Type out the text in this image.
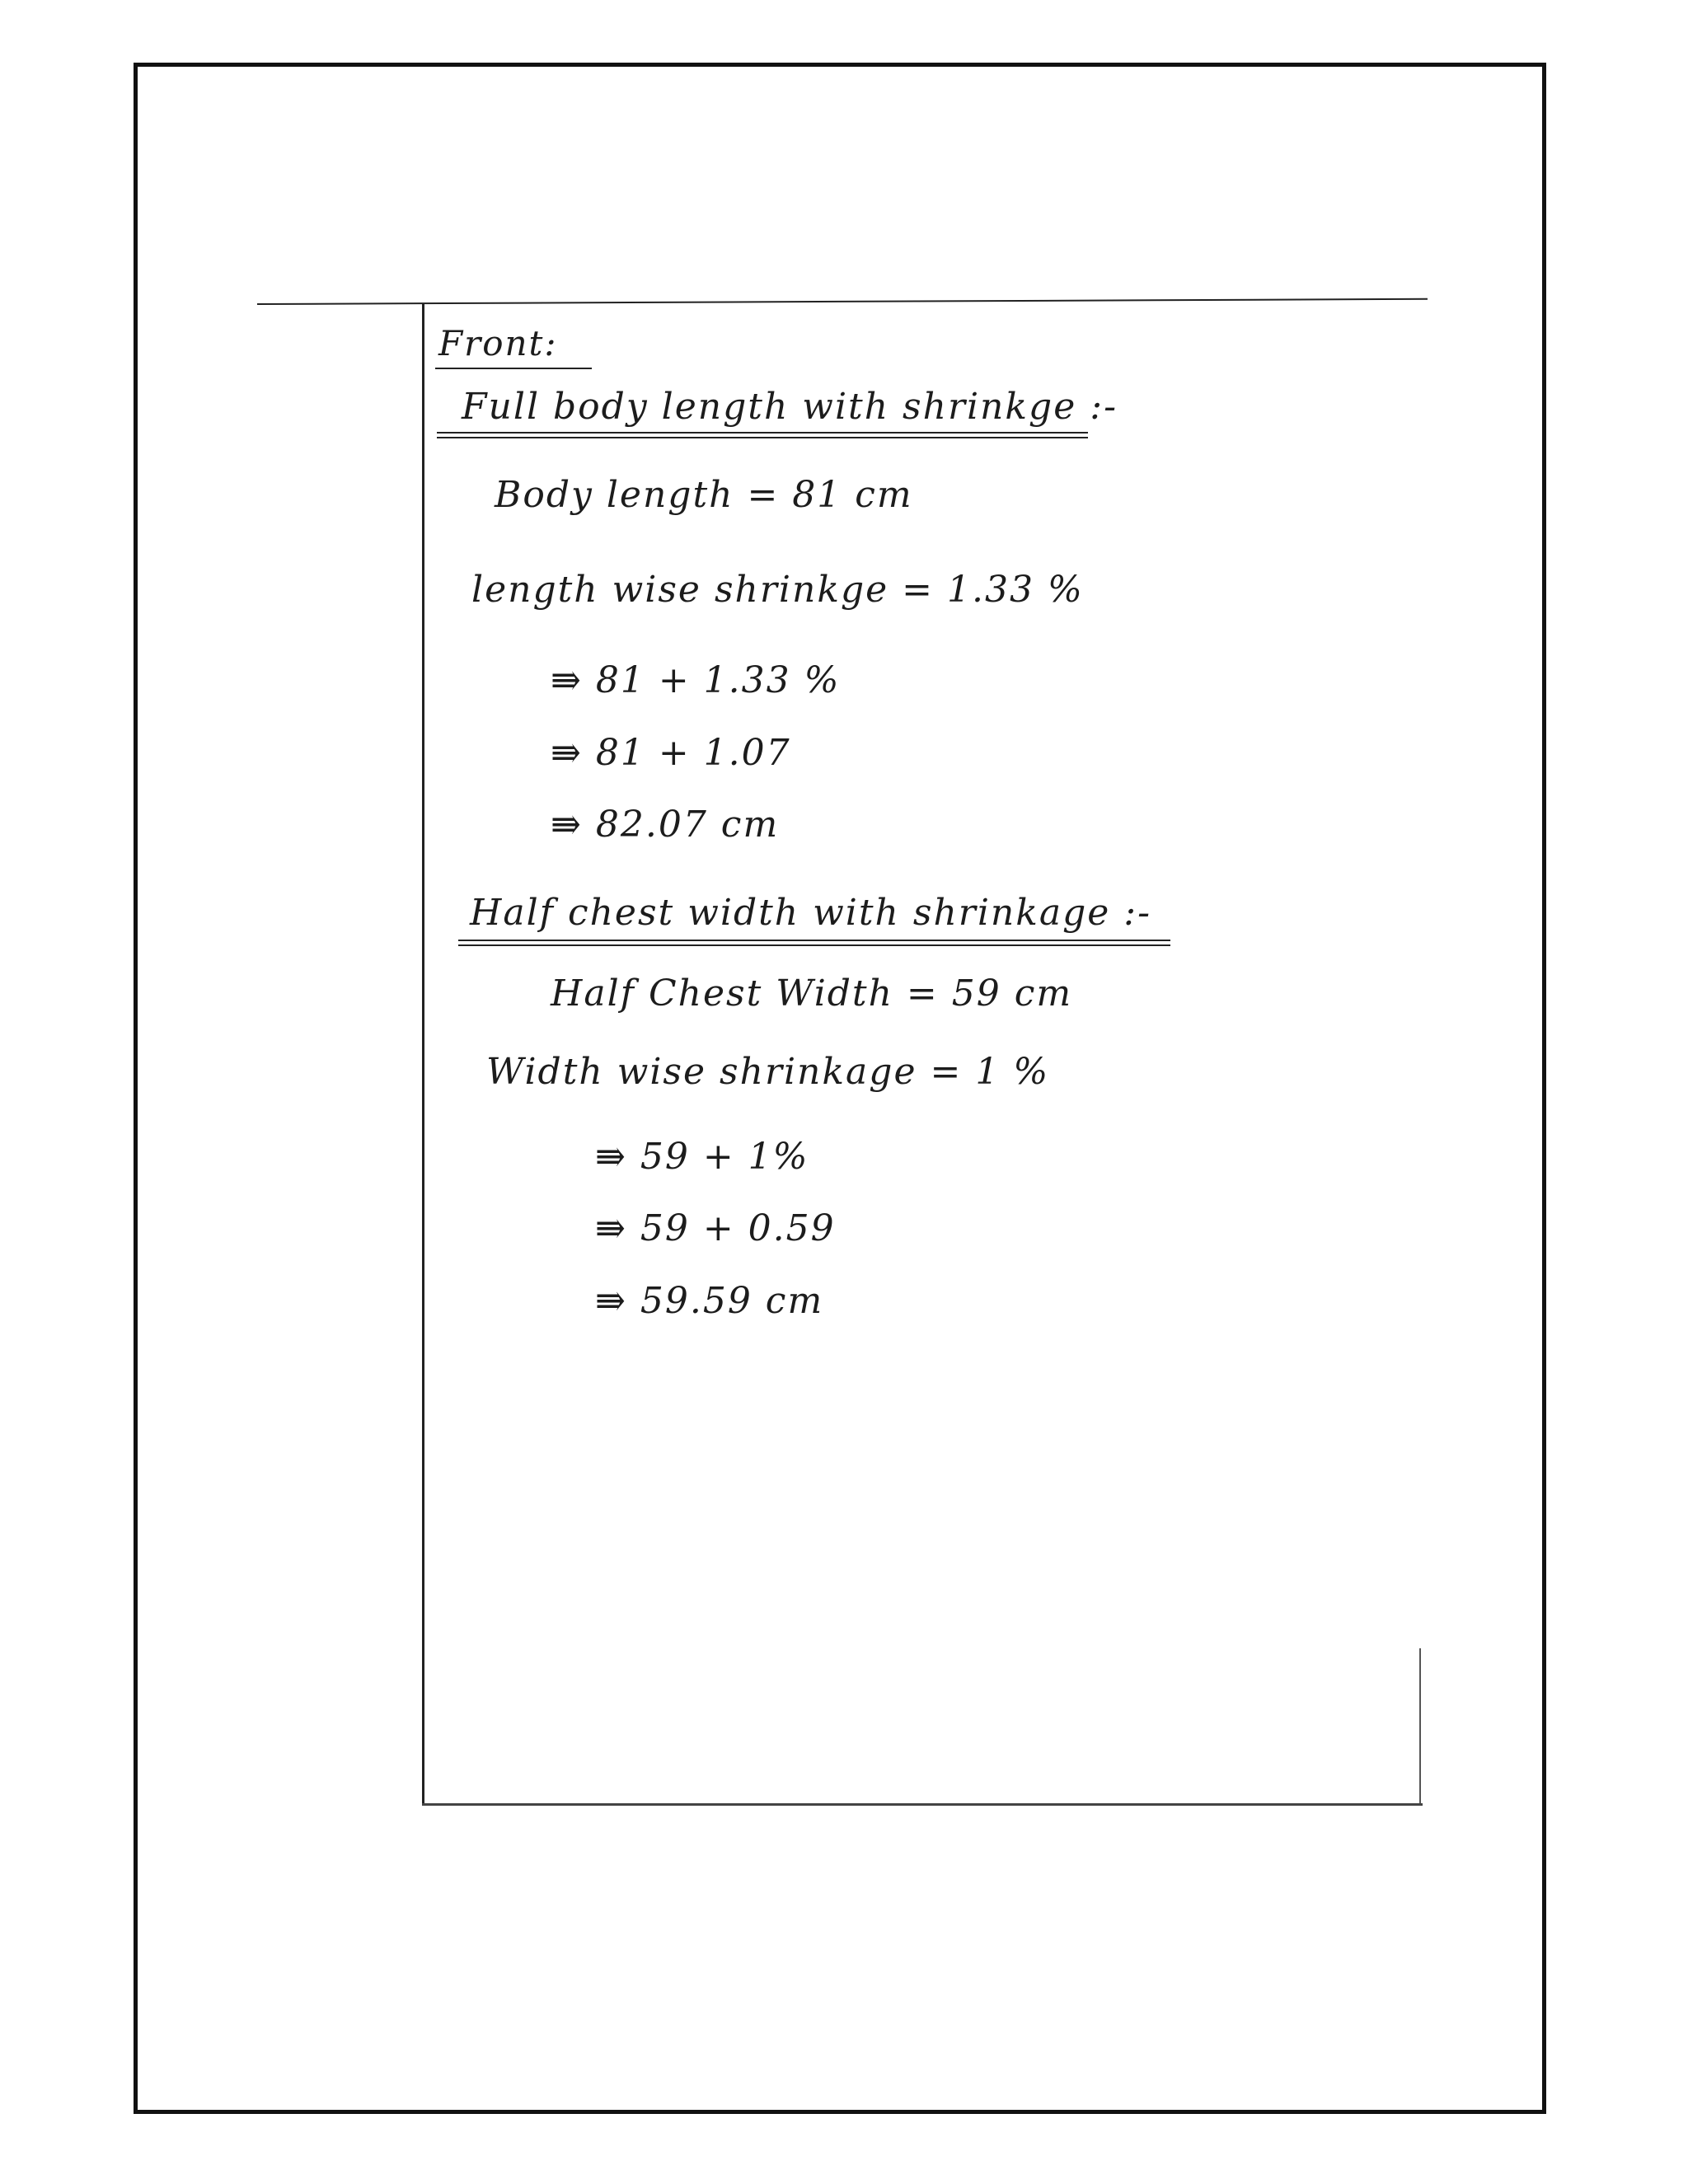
Front:
Full body length with shrinkge :-
Body length = 81 cm
length wise shrinkge = 1.33 %
⇛ 81 + 1.33 %
⇛ 81 + 1.07
⇛ 82.07 cm
Half chest width with shrinkage :-
Half Chest Width = 59 cm
Width wise shrinkage = 1 %
⇛ 59 + 1%
⇛ 59 + 0.59
⇛ 59.59 cm
